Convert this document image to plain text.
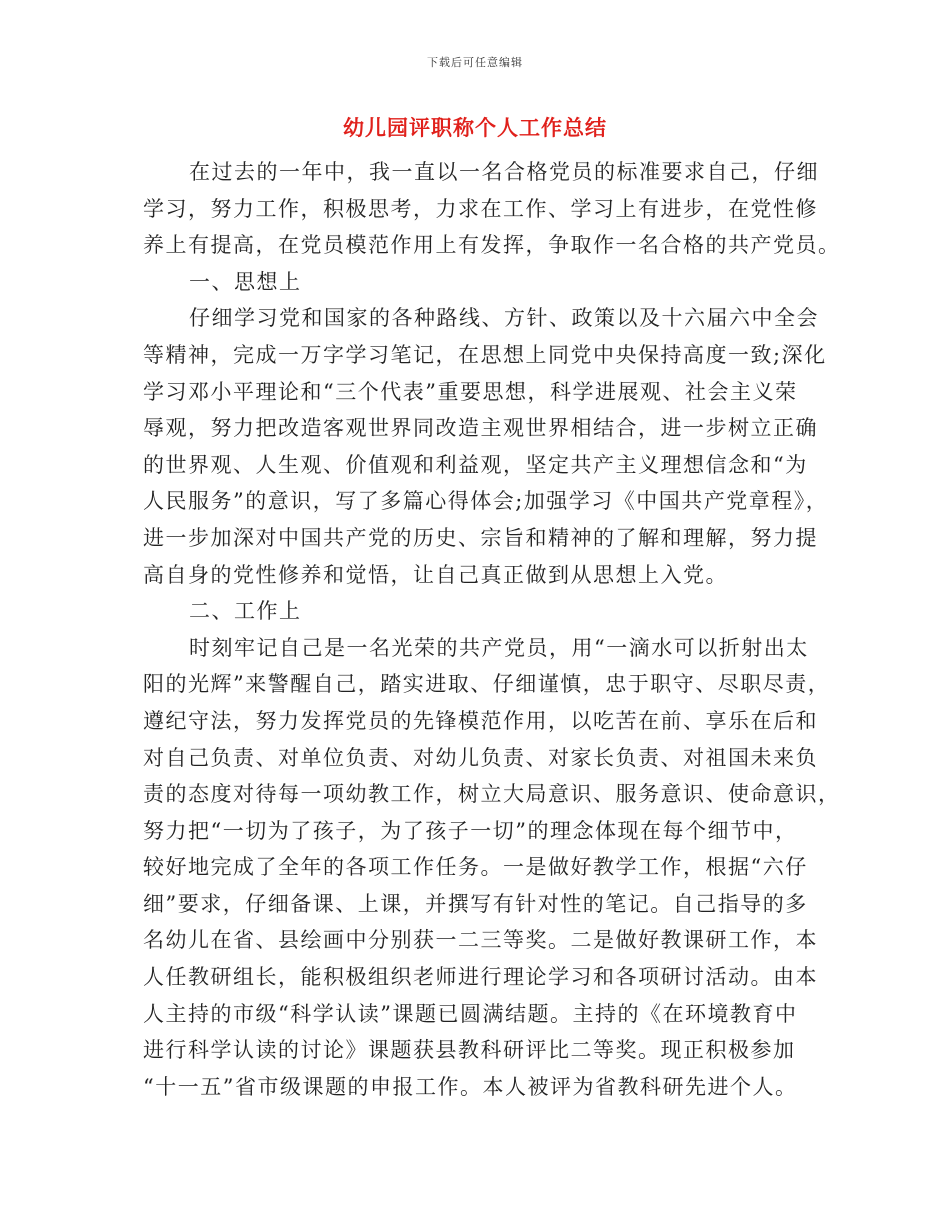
下载后可任意编辑
幼儿园评职称个人工作总结
在过去的一年中，我一直以一名合格党员的标准要求自己，仔细
学习，努力工作，积极思考，力求在工作、学习上有进步，在党性修
养上有提高，在党员模范作用上有发挥，争取作一名合格的共产党员。
一、思想上
仔细学习党和国家的各种路线、方针、政策以及十六届六中全会
等精神，完成一万字学习笔记，在思想上同党中央保持高度一致;深化
学习邓小平理论和“三个代表”重要思想，科学进展观、社会主义荣
辱观，努力把改造客观世界同改造主观世界相结合，进一步树立正确
的世界观、人生观、价值观和利益观，坚定共产主义理想信念和“为
人民服务”的意识，写了多篇心得体会;加强学习《中国共产党章程》，
进一步加深对中国共产党的历史、宗旨和精神的了解和理解，努力提
高自身的党性修养和觉悟，让自己真正做到从思想上入党。
二、工作上
时刻牢记自己是一名光荣的共产党员，用“一滴水可以折射出太
阳的光辉”来警醒自己，踏实进取、仔细谨慎，忠于职守、尽职尽责，
遵纪守法，努力发挥党员的先锋模范作用，以吃苦在前、享乐在后和
对自己负责、对单位负责、对幼儿负责、对家长负责、对祖国未来负
责的态度对待每一项幼教工作，树立大局意识、服务意识、使命意识，
努力把“一切为了孩子，为了孩子一切”的理念体现在每个细节中，
较好地完成了全年的各项工作任务。一是做好教学工作，根据“六仔
细”要求，仔细备课、上课，并撰写有针对性的笔记。自己指导的多
名幼儿在省、县绘画中分别获一二三等奖。二是做好教课研工作，本
人任教研组长，能积极组织老师进行理论学习和各项研讨活动。由本
人主持的市级“科学认读”课题已圆满结题。主持的《在环境教育中
进行科学认读的讨论》课题获县教科研评比二等奖。现正积极参加
“十一五”省市级课题的申报工作。本人被评为省教科研先进个人。
